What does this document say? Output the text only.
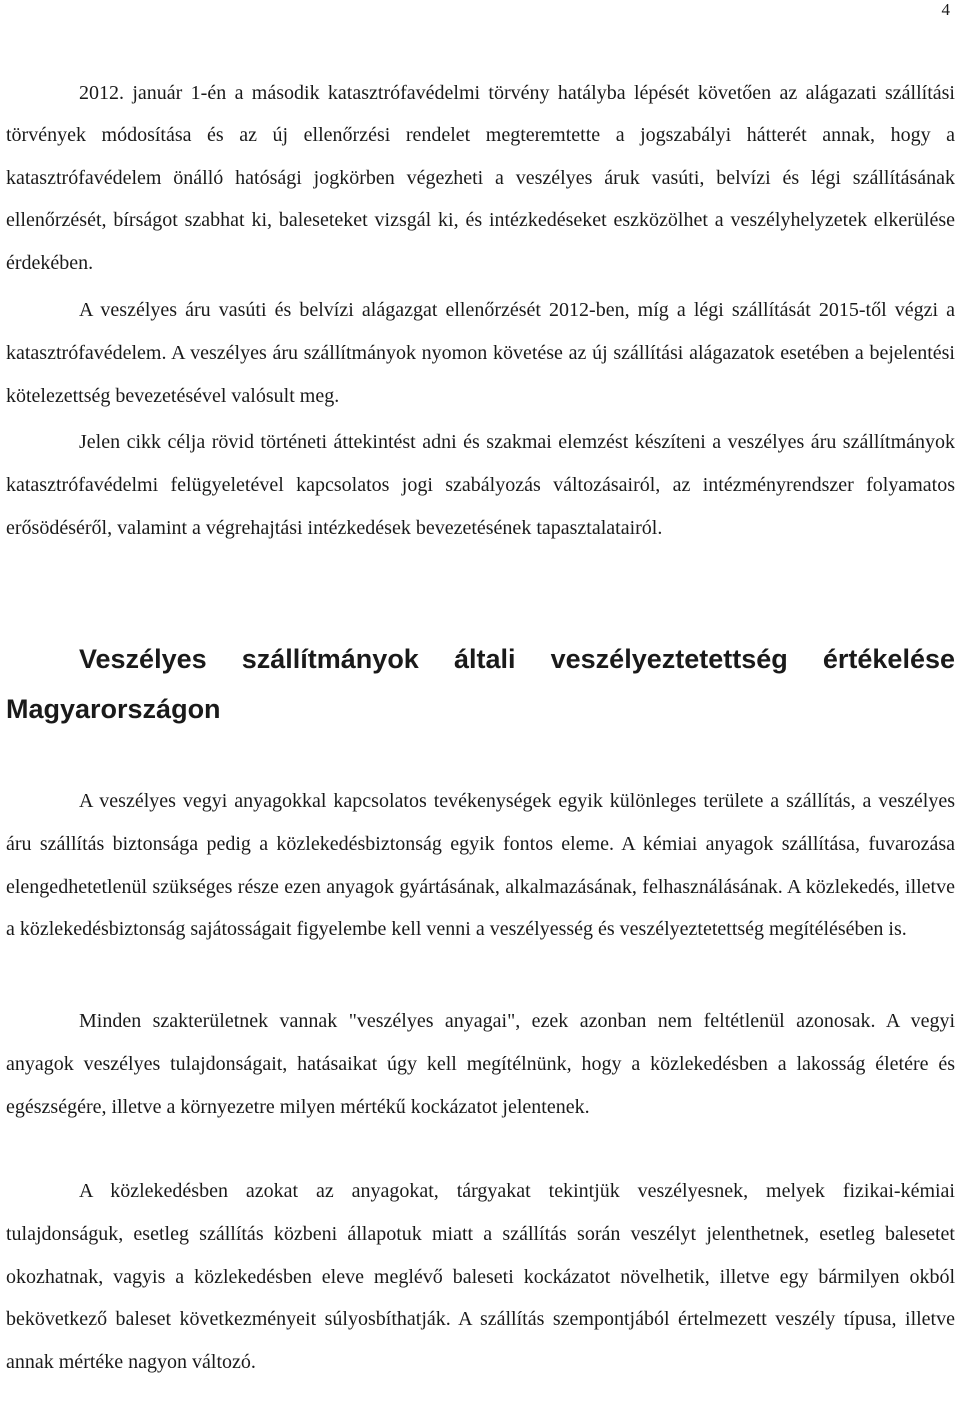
4

2012. január 1-én a második katasztrófavédelmi törvény hatályba lépését követően az alágazati szállítási törvények módosítása és az új ellenőrzési rendelet megteremtette a jogszabályi hátterét annak, hogy a katasztrófavédelem önálló hatósági jogkörben végezheti a veszélyes áruk vasúti, belvízi és légi szállításának ellenőrzését, bírságot szabhat ki, baleseteket vizsgál ki, és intézkedéseket eszközölhet a veszélyhelyzetek elkerülése érdekében.

A veszélyes áru vasúti és belvízi alágazgat ellenőrzését 2012-ben, míg a légi szállítását 2015-től végzi a katasztrófavédelem. A veszélyes áru szállítmányok nyomon követése az új szállítási alágazatok esetében a bejelentési kötelezettség bevezetésével valósult meg.

Jelen cikk célja rövid történeti áttekintést adni és szakmai elemzést készíteni a veszélyes áru szállítmányok katasztrófavédelmi felügyeletével kapcsolatos jogi szabályozás változásairól, az intézményrendszer folyamatos erősödéséről, valamint a végrehajtási intézkedések bevezetésének tapasztalatairól.

Veszélyes szállítmányok általi veszélyeztetettség értékelése Magyarországon

A veszélyes vegyi anyagokkal kapcsolatos tevékenységek egyik különleges területe a szállítás, a veszélyes áru szállítás biztonsága pedig a közlekedésbiztonság egyik fontos eleme. A kémiai anyagok szállítása, fuvarozása elengedhetetlenül szükséges része ezen anyagok gyártásának, alkalmazásának, felhasználásának. A közlekedés, illetve a közlekedésbiztonság sajátosságait figyelembe kell venni a veszélyesség és veszélyeztetettség megítélésében is.

Minden szakterületnek vannak "veszélyes anyagai", ezek azonban nem feltétlenül azonosak. A vegyi anyagok veszélyes tulajdonságait, hatásaikat úgy kell megítélnünk, hogy a közlekedésben a lakosság életére és egészségére, illetve a környezetre milyen mértékű kockázatot jelentenek.

A közlekedésben azokat az anyagokat, tárgyakat tekintjük veszélyesnek, melyek fizikai-kémiai tulajdonságuk, esetleg szállítás közbeni állapotuk miatt a szállítás során veszélyt jelenthetnek, esetleg balesetet okozhatnak, vagyis a közlekedésben eleve meglévő baleseti kockázatot növelhetik, illetve egy bármilyen okból bekövetkező baleset következményeit súlyosbíthatják. A szállítás szempontjából értelmezett veszély típusa, illetve annak mértéke nagyon változó.
